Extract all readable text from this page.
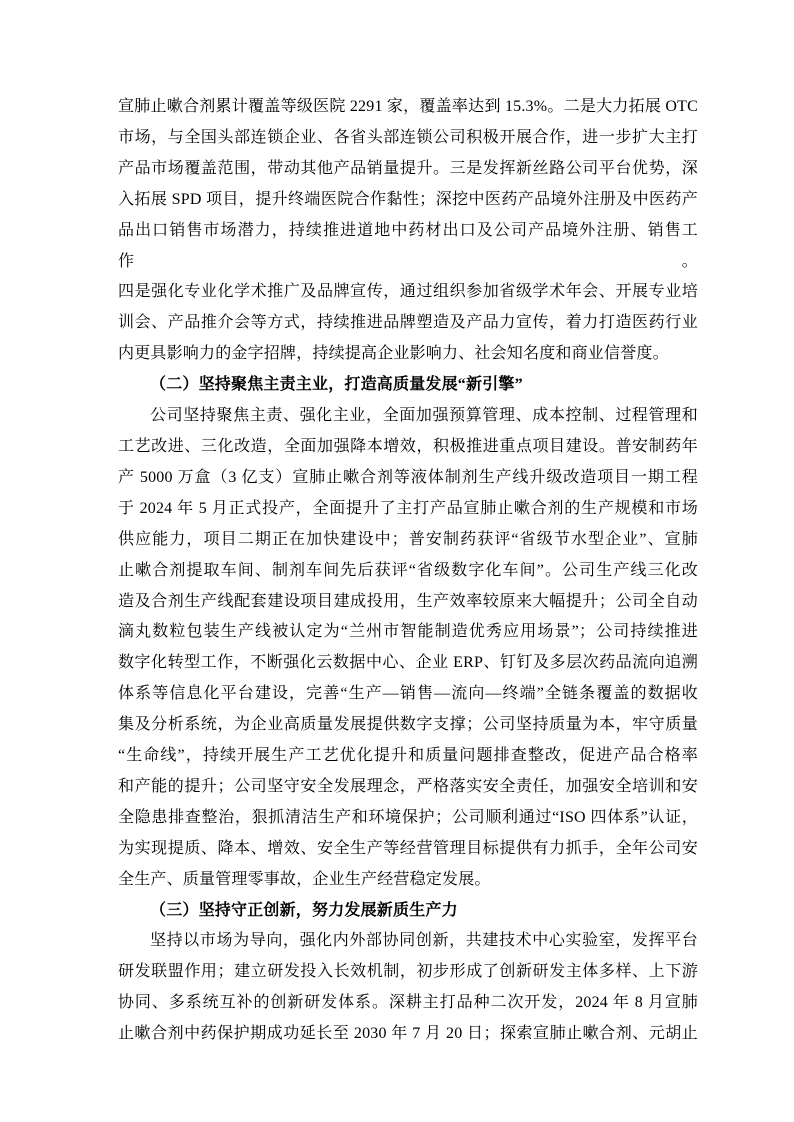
宣肺止嗽合剂累计覆盖等级医院 2291 家，覆盖率达到 15.3%。二是大力拓展 OTC
市场，与全国头部连锁企业、各省头部连锁公司积极开展合作，进一步扩大主打
产品市场覆盖范围，带动其他产品销量提升。三是发挥新丝路公司平台优势，深
入拓展 SPD 项目，提升终端医院合作黏性；深挖中医药产品境外注册及中医药产
品出口销售市场潜力，持续推进道地中药材出口及公司产品境外注册、销售工作。
四是强化专业化学术推广及品牌宣传，通过组织参加省级学术年会、开展专业培
训会、产品推介会等方式，持续推进品牌塑造及产品力宣传，着力打造医药行业
内更具影响力的金字招牌，持续提高企业影响力、社会知名度和商业信誉度。
（二）坚持聚焦主责主业，打造高质量发展“新引擎”
公司坚持聚焦主责、强化主业，全面加强预算管理、成本控制、过程管理和
工艺改进、三化改造，全面加强降本增效，积极推进重点项目建设。普安制药年
产 5000 万盒（3 亿支）宣肺止嗽合剂等液体制剂生产线升级改造项目一期工程
于 2024 年 5 月正式投产，全面提升了主打产品宣肺止嗽合剂的生产规模和市场
供应能力，项目二期正在加快建设中；普安制药获评“省级节水型企业”、宣肺
止嗽合剂提取车间、制剂车间先后获评“省级数字化车间”。公司生产线三化改
造及合剂生产线配套建设项目建成投用，生产效率较原来大幅提升；公司全自动
滴丸数粒包装生产线被认定为“兰州市智能制造优秀应用场景”；公司持续推进
数字化转型工作，不断强化云数据中心、企业 ERP、钉钉及多层次药品流向追溯
体系等信息化平台建设，完善“生产—销售—流向—终端”全链条覆盖的数据收
集及分析系统，为企业高质量发展提供数字支撑；公司坚持质量为本，牢守质量
“生命线”，持续开展生产工艺优化提升和质量问题排查整改，促进产品合格率
和产能的提升；公司坚守安全发展理念，严格落实安全责任，加强安全培训和安
全隐患排查整治，狠抓清洁生产和环境保护；公司顺利通过“ISO 四体系”认证，
为实现提质、降本、增效、安全生产等经营管理目标提供有力抓手，全年公司安
全生产、质量管理零事故，企业生产经营稳定发展。
（三）坚持守正创新，努力发展新质生产力
坚持以市场为导向，强化内外部协同创新，共建技术中心实验室，发挥平台
研发联盟作用；建立研发投入长效机制，初步形成了创新研发主体多样、上下游
协同、多系统互补的创新研发体系。深耕主打品种二次开发，2024 年 8 月宣肺
止嗽合剂中药保护期成功延长至 2030 年 7 月 20 日；探索宣肺止嗽合剂、元胡止
